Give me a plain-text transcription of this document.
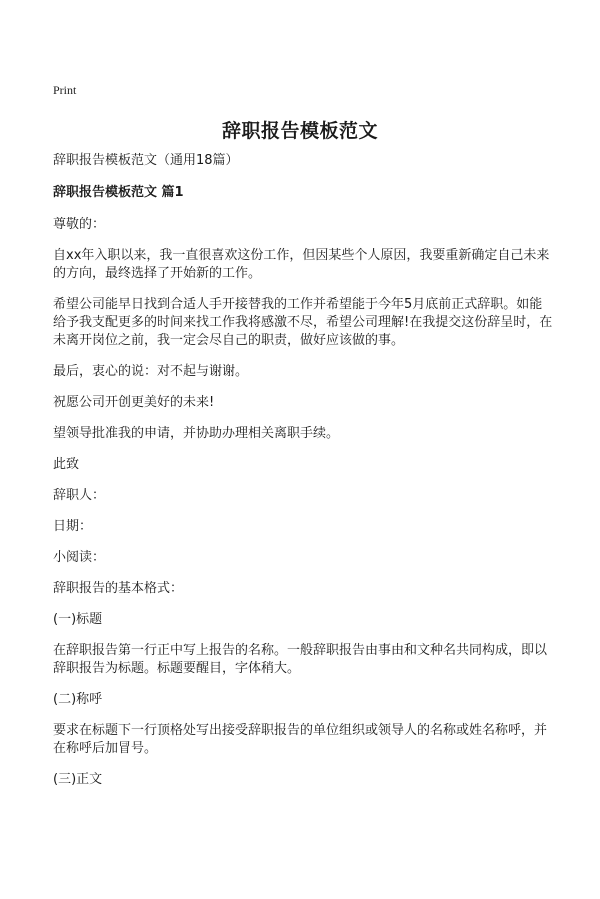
Print
辞职报告模板范文

辞职报告模板范文（通用18篇）

辞职报告模板范文 篇1

尊敬的：

自xx年入职以来，我一直很喜欢这份工作，但因某些个人原因，我要重新确定自己未来的方向，最终选择了开始新的工作。

希望公司能早日找到合适人手开接替我的工作并希望能于今年5月底前正式辞职。如能给予我支配更多的时间来找工作我将感激不尽，希望公司理解!在我提交这份辞呈时，在未离开岗位之前，我一定会尽自己的职责，做好应该做的事。

最后，衷心的说：对不起与谢谢。

祝愿公司开创更美好的未来!

望领导批准我的申请，并协助办理相关离职手续。

此致

辞职人：

日期：

小阅读：

辞职报告的基本格式：

(一)标题

在辞职报告第一行正中写上报告的名称。一般辞职报告由事由和文种名共同构成，即以辞职报告为标题。标题要醒目，字体稍大。

(二)称呼

要求在标题下一行顶格处写出接受辞职报告的单位组织或领导人的名称或姓名称呼，并在称呼后加冒号。

(三)正文
